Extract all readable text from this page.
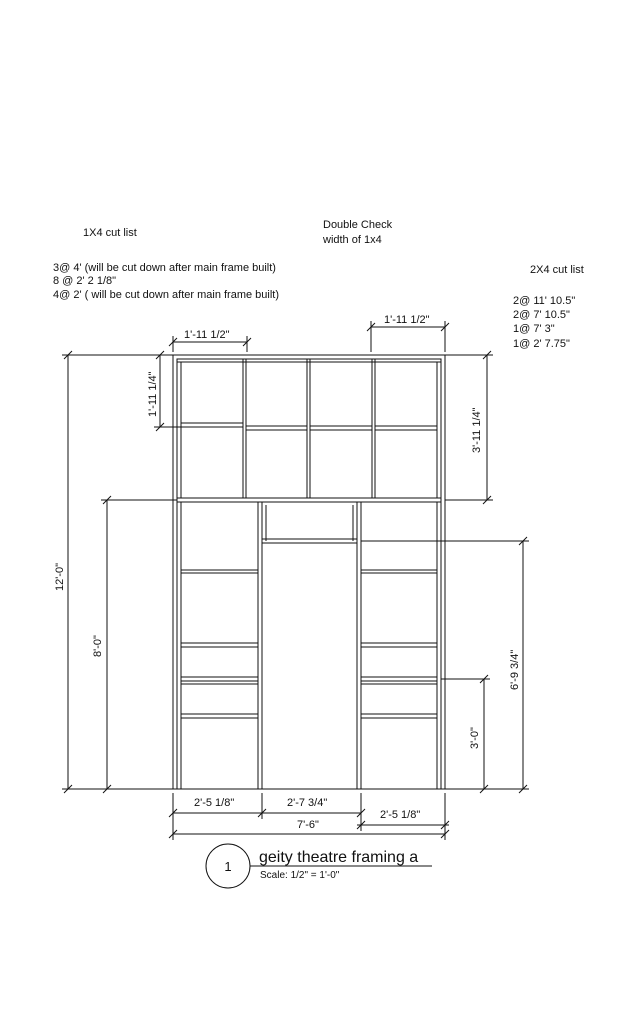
1X4 cut list
3@ 4' (will be cut down after main frame built)
8 @ 2' 2 1/8"
4@ 2' ( will be cut down after main frame built)
Double Check
width of 1x4
2X4 cut list
2@ 11' 10.5"
2@ 7' 10.5"
1@ 7' 3"
1@ 2' 7.75"
1'-11 1/2"
1'-11 1/2"
1'-11 1/4"
3'-11 1/4"
12'-0"
8'-0"
6'-9 3/4"
3'-0"
2'-5 1/8"	2'-7 3/4"
2'-5 1/8"
7'-6"
1
geity theatre framing a
Scale: 1/2" = 1'-0"
